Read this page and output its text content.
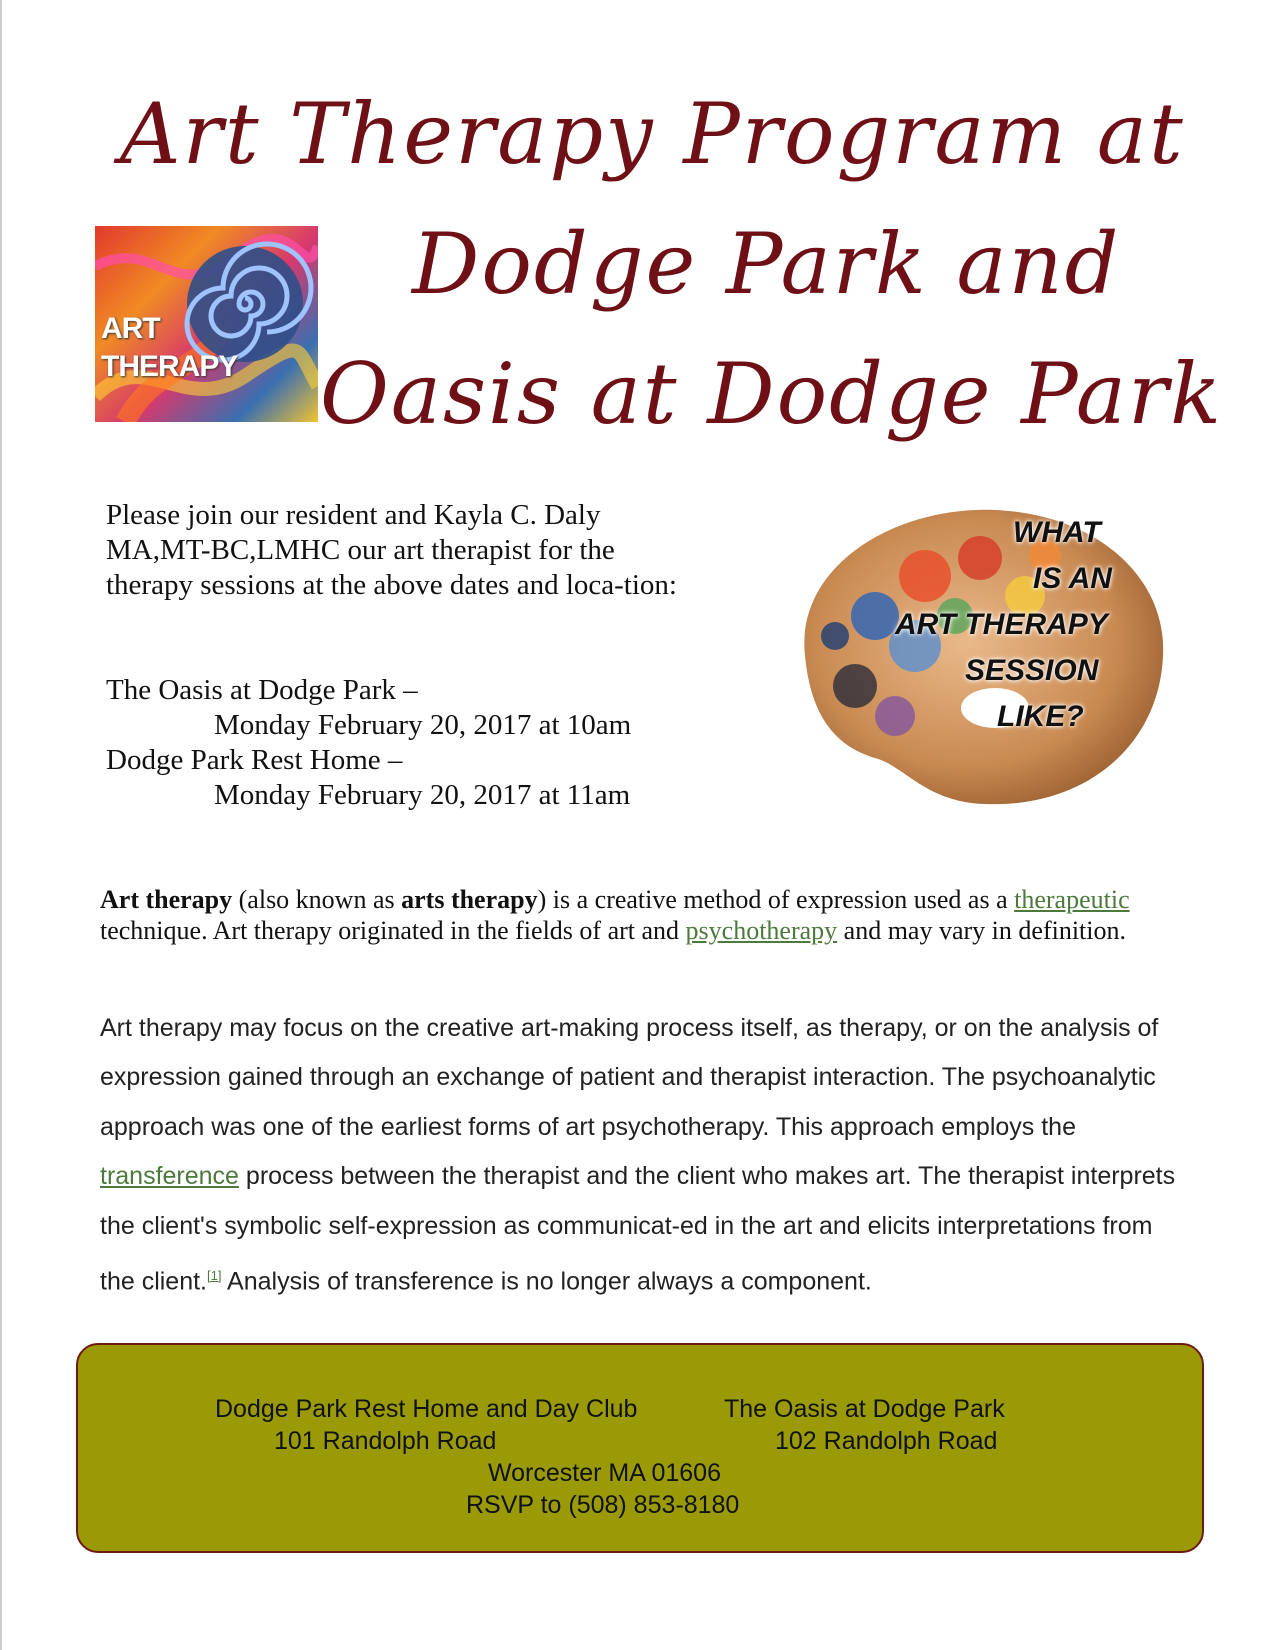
Art Therapy Program at
Dodge Park and
Oasis at Dodge Park
ART
THERAPY
WHAT
IS AN
ART THERAPY
SESSION
LIKE?

Please join our resident and Kayla C. Daly MA,MT-BC,LMHC our art therapist for the therapy sessions at the above dates and loca-tion:

The Oasis at Dodge Park –
Monday February 20, 2017 at 10am
Dodge Park Rest Home –
Monday February 20, 2017 at 11am
Art therapy (also known as arts therapy) is a creative method of expression used as a therapeutic technique. Art therapy originated in the fields of art and psychotherapy and may vary in definition.
Art therapy may focus on the creative art-making process itself, as therapy, or on the analysis of expression gained through an exchange of patient and therapist interaction. The psychoanalytic approach was one of the earliest forms of art psychotherapy. This approach employs the transference process between the therapist and the client who makes art. The therapist interprets the client's symbolic self-expression as communicat-ed in the art and elicits interpretations from the client.[1] Analysis of transference is no longer always a component.
Dodge Park Rest Home and Day Club
101 Randolph Road
The Oasis at Dodge Park
102 Randolph Road
Worcester MA 01606
RSVP to (508) 853-8180
